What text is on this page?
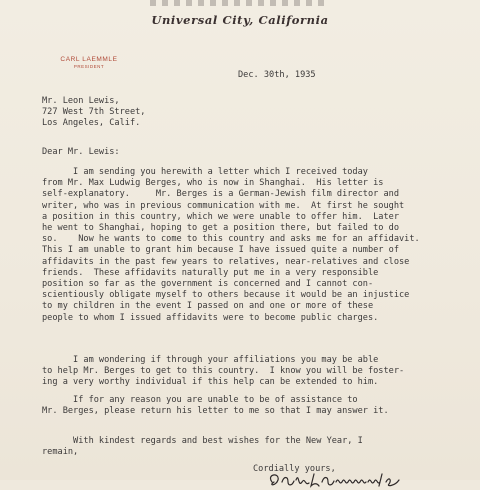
Universal City, California
CARL LAEMMLE
PRESIDENT
Dec. 30th, 1935
Mr. Leon Lewis,
727 West 7th Street,
Los Angeles, Calif.
Dear Mr. Lewis:
I am sending you herewith a letter which I received today
from Mr. Max Ludwig Berges, who is now in Shanghai.  His letter is
self-explanatory.     Mr. Berges is a German-Jewish film director and
writer, who was in previous communication with me.  At first he sought
a position in this country, which we were unable to offer him.  Later
he went to Shanghai, hoping to get a position there, but failed to do
so.    Now he wants to come to this country and asks me for an affidavit.
This I am unable to grant him because I have issued quite a number of
affidavits in the past few years to relatives, near-relatives and close
friends.  These affidavits naturally put me in a very responsible
position so far as the government is concerned and I cannot con-
scientiously obligate myself to others because it would be an injustice
to my children in the event I passed on and one or more of these
people to whom I issued affidavits were to become public charges.
I am wondering if through your affiliations you may be able
to help Mr. Berges to get to this country.  I know you will be foster-
ing a very worthy individual if this help can be extended to him.
If for any reason you are unable to be of assistance to
Mr. Berges, please return his letter to me so that I may answer it.
With kindest regards and best wishes for the New Year, I
remain,
Cordially yours,
